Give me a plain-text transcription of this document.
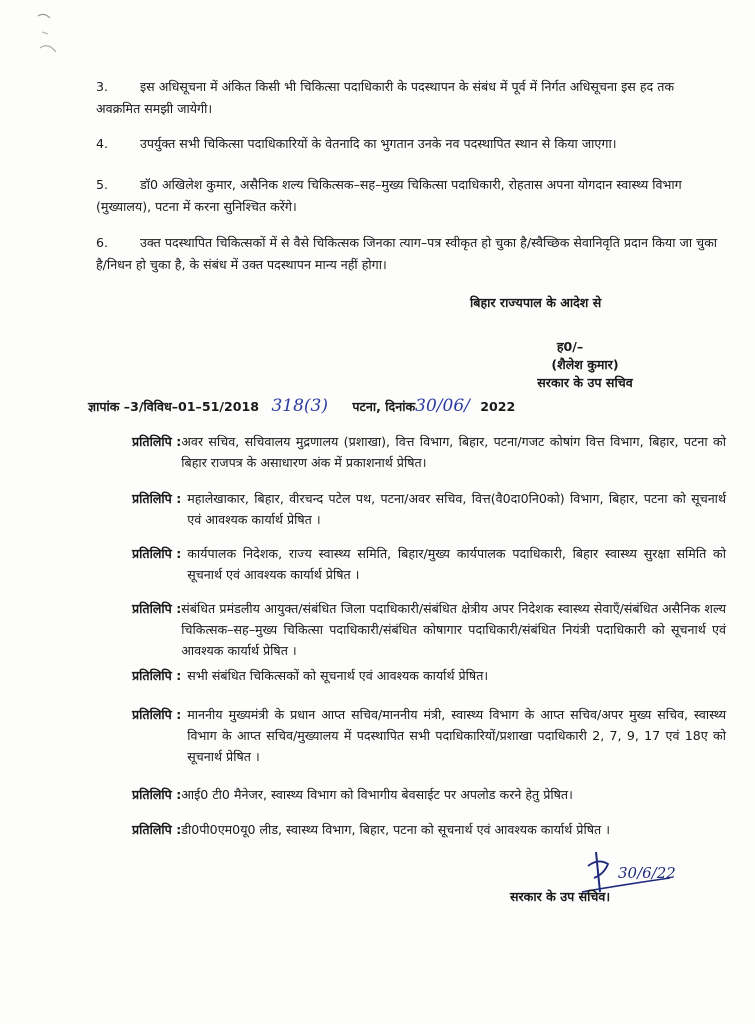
3.	इस अधिसूचना में अंकित किसी भी चिकित्सा पदाधिकारी के पदस्थापन के संबंध में पूर्व में निर्गत अधिसूचना इस हद तक अवक्रमित समझी जायेगी।
4.	उपर्युक्त सभी चिकित्सा पदाधिकारियों के वेतनादि का भुगतान उनके नव पदस्थापित स्थान से किया जाएगा।
5.	डॉ0 अखिलेश कुमार, असैनिक शल्य चिकित्सक–सह–मुख्य चिकित्सा पदाधिकारी, रोहतास अपना योगदान स्वास्थ्य विभाग (मुख्यालय), पटना में करना सुनिश्चित करेंगे।
6.	उक्त पदस्थापित चिकित्सकों में से वैसे चिकित्सक जिनका त्याग–पत्र स्वीकृत हो चुका है/स्वैच्छिक सेवानिवृति प्रदान किया जा चुका है/निधन हो चुका है, के संबंध में उक्त पदस्थापन मान्य नहीं होगा।
बिहार राज्यपाल के आदेश से
ह0/–
(शैलेश कुमार)
सरकार के उप सचिव
ज्ञापांक –3/विविध–01–51/2018 318(3) पटना, दिनांक30/06/ 2022
प्रतिलिपि : अवर सचिव, सचिवालय मुद्रणालय (प्रशाखा), वित्त विभाग, बिहार, पटना/गजट कोषांग वित्त विभाग, बिहार, पटना को बिहार राजपत्र के असाधारण अंक में प्रकाशनार्थ प्रेषित।
प्रतिलिपि : महालेखाकार, बिहार, वीरचन्द पटेल पथ, पटना/अवर सचिव, वित्त(वै0दा0नि0को) विभाग, बिहार, पटना को सूचनार्थ एवं आवश्यक कार्यार्थ प्रेषित ।
प्रतिलिपि : कार्यपालक निदेशक, राज्य स्वास्थ्य समिति, बिहार/मुख्य कार्यपालक पदाधिकारी, बिहार स्वास्थ्य सुरक्षा समिति को सूचनार्थ एवं आवश्यक कार्यार्थ प्रेषित ।
प्रतिलिपि : संबंधित प्रमंडलीय आयुक्त/संबंधित जिला पदाधिकारी/संबंधित क्षेत्रीय अपर निदेशक स्वास्थ्य सेवाएँ/संबंधित असैनिक शल्य चिकित्सक–सह–मुख्य चिकित्सा पदाधिकारी/संबंधित कोषागार पदाधिकारी/संबंधित नियंत्री पदाधिकारी को सूचनार्थ एवं आवश्यक कार्यार्थ प्रेषित ।
प्रतिलिपि : सभी संबंधित चिकित्सकों को सूचनार्थ एवं आवश्यक कार्यार्थ प्रेषित।
प्रतिलिपि : माननीय मुख्यमंत्री के प्रधान आप्त सचिव/माननीय मंत्री, स्वास्थ्य विभाग के आप्त सचिव/अपर मुख्य सचिव, स्वास्थ्य विभाग के आप्त सचिव/मुख्यालय में पदस्थापित सभी पदाधिकारियों/प्रशाखा पदाधिकारी 2, 7, 9, 17 एवं 18ए को सूचनार्थ प्रेषित ।
प्रतिलिपि : आई0 टी0 मैनेजर, स्वास्थ्य विभाग को विभागीय बेवसाईट पर अपलोड करने हेतु प्रेषित।
प्रतिलिपि : डी0पी0एम0यू0 लीड, स्वास्थ्य विभाग, बिहार, पटना को सूचनार्थ एवं आवश्यक कार्यार्थ प्रेषित ।
30/6/22
सरकार के उप सचिव।
